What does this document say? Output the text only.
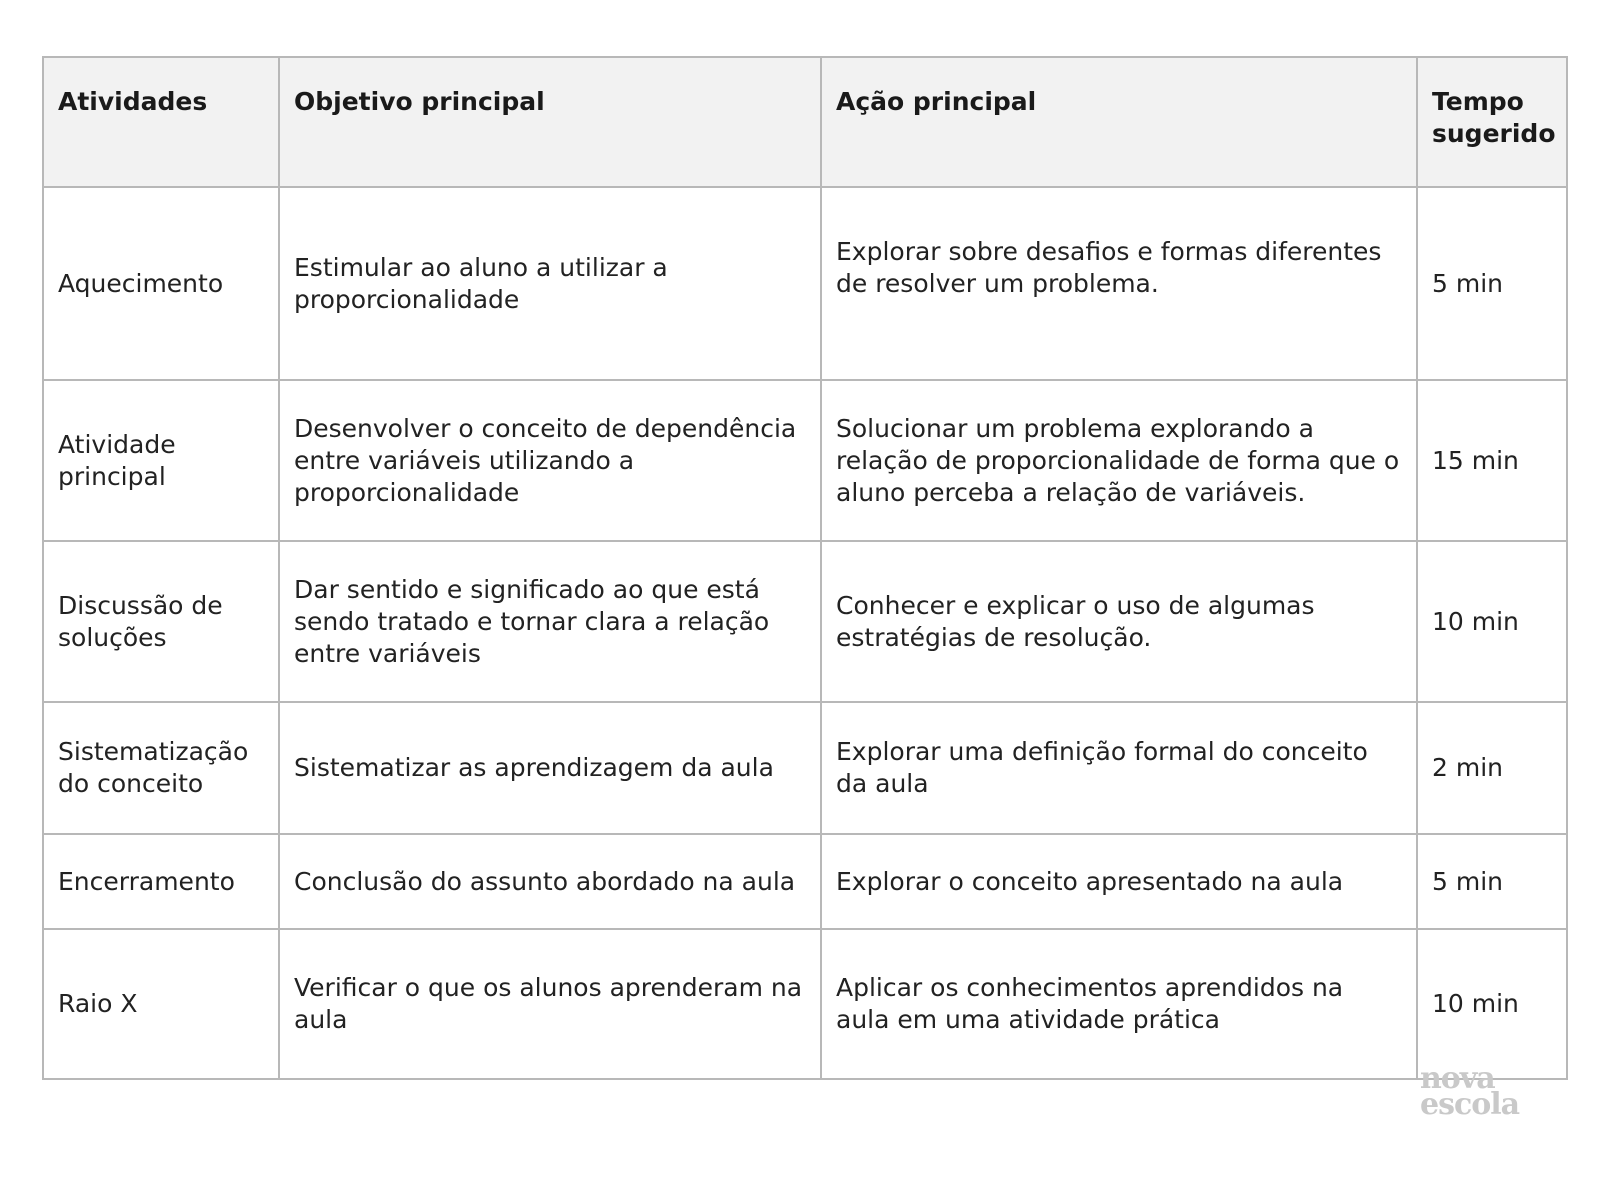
Atividades	Objetivo principal	Ação principal	Tempo sugerido
Aquecimento	Estimular ao aluno a utilizar a proporcionalidade	Explorar sobre desafios e formas diferentes de resolver um problema.	5 min
Atividade principal	Desenvolver o conceito de dependência entre variáveis utilizando a proporcionalidade	Solucionar um problema explorando a relação de proporcionalidade de forma que o aluno perceba a relação de variáveis.	15 min
Discussão de soluções	Dar sentido e significado ao que está sendo tratado e tornar clara a relação entre variáveis	Conhecer e explicar o uso de algumas estratégias de resolução.	10 min
Sistematização do conceito	Sistematizar as aprendizagem da aula	Explorar uma definição formal do conceito da aula	2 min
Encerramento	Conclusão do assunto abordado na aula	Explorar o conceito apresentado na aula	5 min
Raio X	Verificar o que os alunos aprenderam na aula	Aplicar os conhecimentos aprendidos na aula em uma atividade prática	10 min
nova
escola
